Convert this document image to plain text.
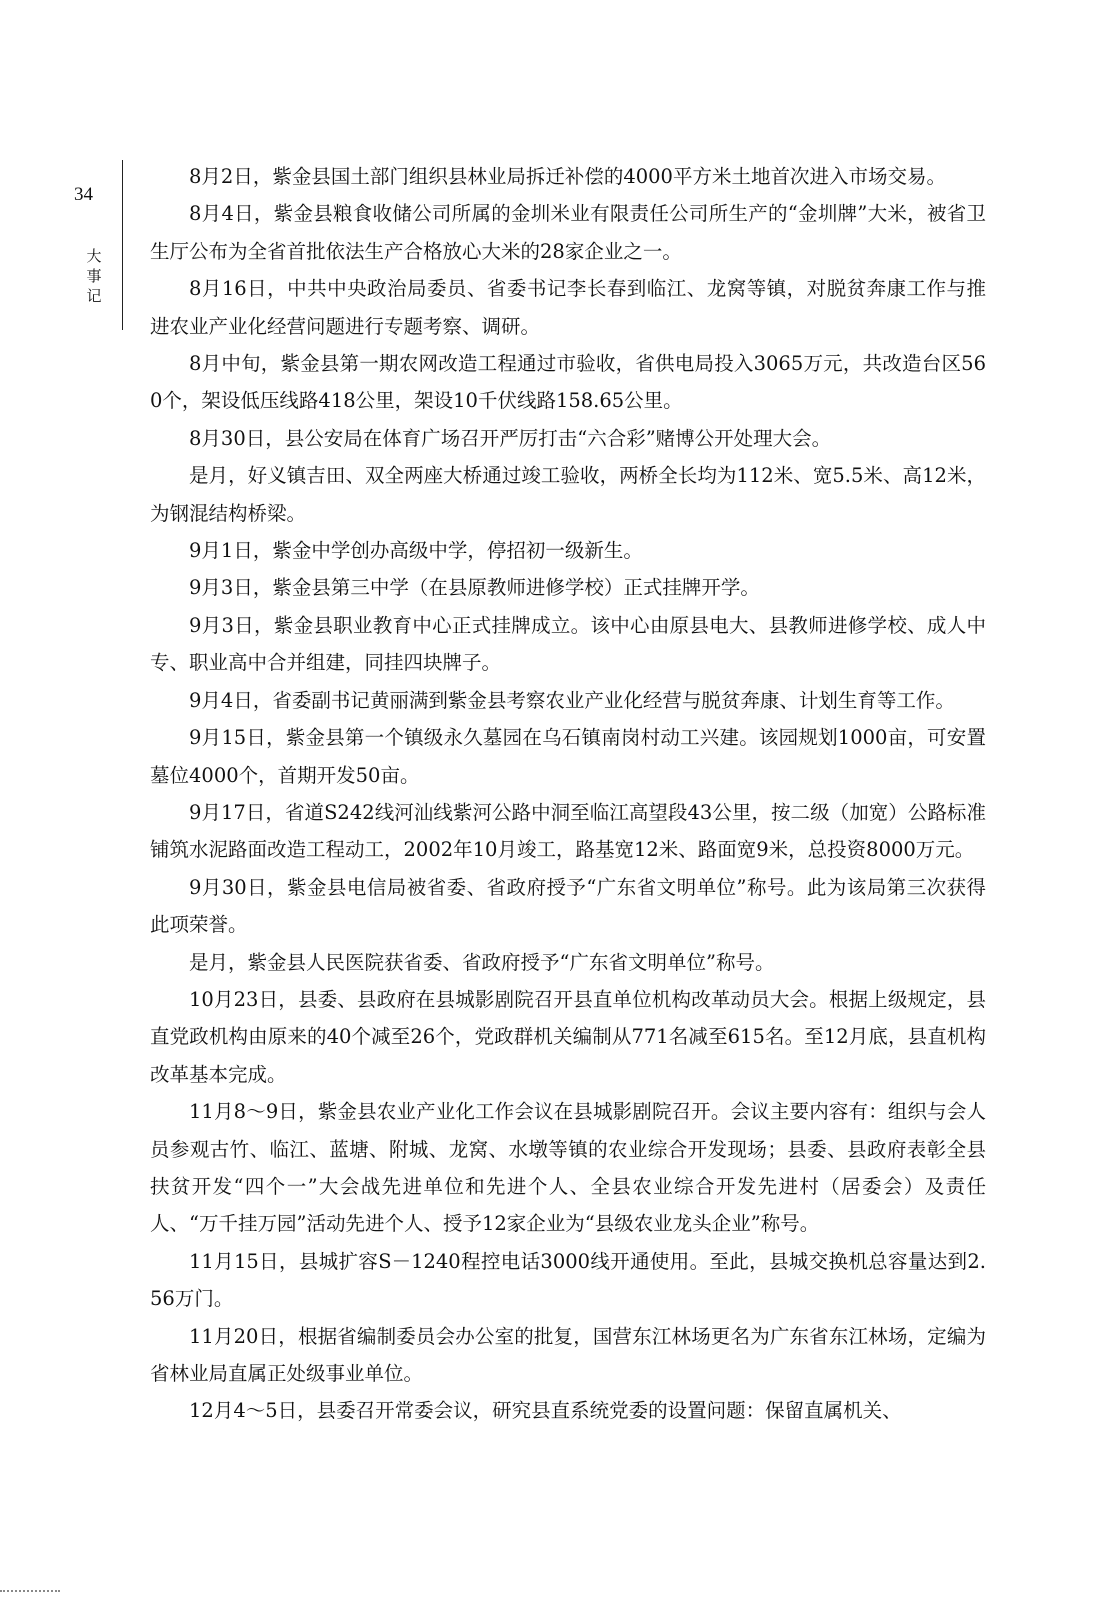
34
大
事
记

8月2日，紫金县国土部门组织县林业局拆迁补偿的4000平方米土地首次进入市场交易。

8月4日，紫金县粮食收储公司所属的金圳米业有限责任公司所生产的“金圳牌”大米，被省卫生厅公布为全省首批依法生产合格放心大米的28家企业之一。

8月16日，中共中央政治局委员、省委书记李长春到临江、龙窝等镇，对脱贫奔康工作与推进农业产业化经营问题进行专题考察、调研。

8月中旬，紫金县第一期农网改造工程通过市验收，省供电局投入3065万元，共改造台区560个，架设低压线路418公里，架设10千伏线路158.65公里。

8月30日，县公安局在体育广场召开严厉打击“六合彩”赌博公开处理大会。

是月，好义镇吉田、双全两座大桥通过竣工验收，两桥全长均为112米、宽5.5米、高12米，为钢混结构桥梁。

9月1日，紫金中学创办高级中学，停招初一级新生。

9月3日，紫金县第三中学（在县原教师进修学校）正式挂牌开学。

9月3日，紫金县职业教育中心正式挂牌成立。该中心由原县电大、县教师进修学校、成人中专、职业高中合并组建，同挂四块牌子。

9月4日，省委副书记黄丽满到紫金县考察农业产业化经营与脱贫奔康、计划生育等工作。

9月15日，紫金县第一个镇级永久墓园在乌石镇南岗村动工兴建。该园规划1000亩，可安置墓位4000个，首期开发50亩。

9月17日，省道S242线河汕线紫河公路中洞至临江高望段43公里，按二级（加宽）公路标准铺筑水泥路面改造工程动工，2002年10月竣工，路基宽12米、路面宽9米，总投资8000万元。

9月30日，紫金县电信局被省委、省政府授予“广东省文明单位”称号。此为该局第三次获得此项荣誉。

是月，紫金县人民医院获省委、省政府授予“广东省文明单位”称号。

10月23日，县委、县政府在县城影剧院召开县直单位机构改革动员大会。根据上级规定，县直党政机构由原来的40个减至26个，党政群机关编制从771名减至615名。至12月底，县直机构改革基本完成。

11月8～9日，紫金县农业产业化工作会议在县城影剧院召开。会议主要内容有：组织与会人员参观古竹、临江、蓝塘、附城、龙窝、水墩等镇的农业综合开发现场；县委、县政府表彰全县扶贫开发“四个一”大会战先进单位和先进个人、全县农业综合开发先进村（居委会）及责任人、“万千挂万园”活动先进个人、授予12家企业为“县级农业龙头企业”称号。

11月15日，县城扩容S－1240程控电话3000线开通使用。至此，县城交换机总容量达到2.56万门。

11月20日，根据省编制委员会办公室的批复，国营东江林场更名为广东省东江林场，定编为省林业局直属正处级事业单位。

12月4～5日，县委召开常委会议，研究县直系统党委的设置问题：保留直属机关、
